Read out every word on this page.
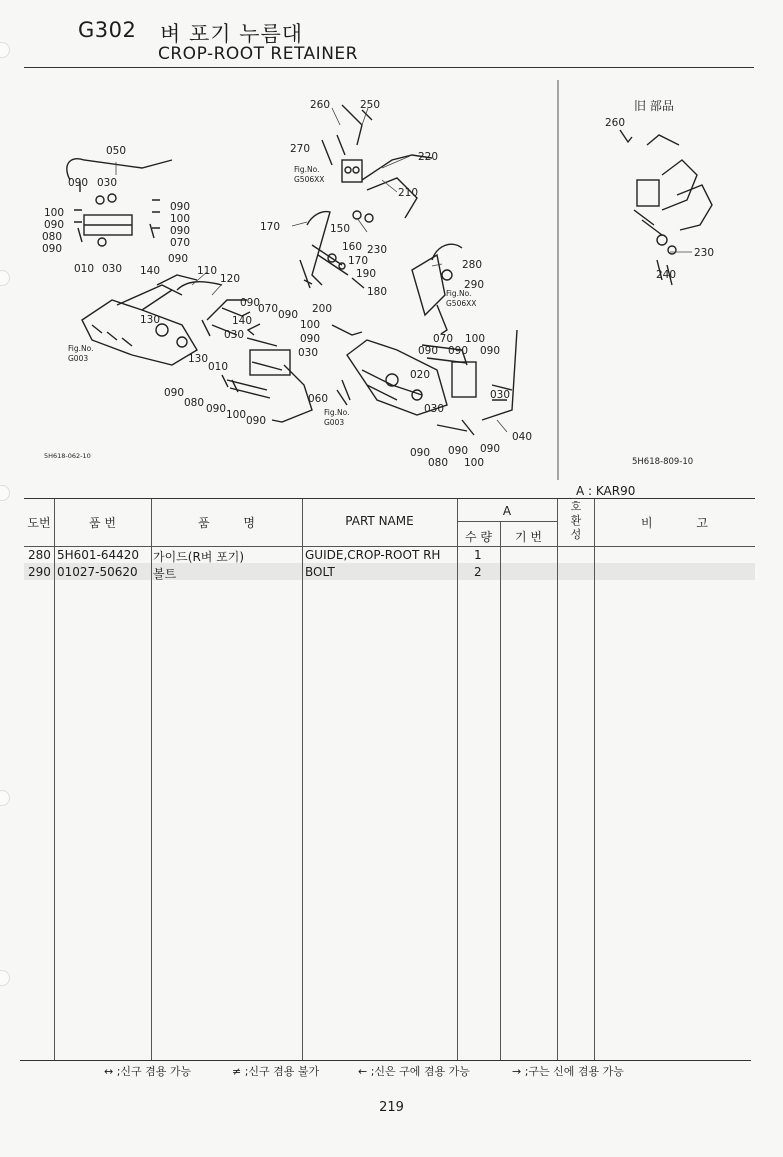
G302 벼 포기 누름대
CROP-ROOT RETAINER
260	250
270
220
210
050
090 030
090
100	100
090	090
080	070
090
090
010 030 140	110
120
130
170	150
160
170
190
180
200
230
090
070 090
140
030
100
090
030
130
010
090
080 090 100 090
060
280
290
070 100
090 090 090
020
030
030
040
090 090 090
080 100
260
230
240
Fig.No.
G506XX
Fig.No.
G003
Fig.No.
G506XX
Fig.No.
G003
旧 部品
5H618-062-10
5H618-809-10
A : KAR90
도번	품 번	품 명	PART NAME
A
수 량	기 번
호환성
비 고
280 5H601-64420 가이드(R벼 포기)	GUIDE,CROP-ROOT RH	1
290 01027-50620 볼트	BOLT	2
↔ ;신구 겸용 가능	≠ ;신구 겸용 불가	← ;신은 구에 겸용 가능	→ ;구는 신에 겸용 가능
219
